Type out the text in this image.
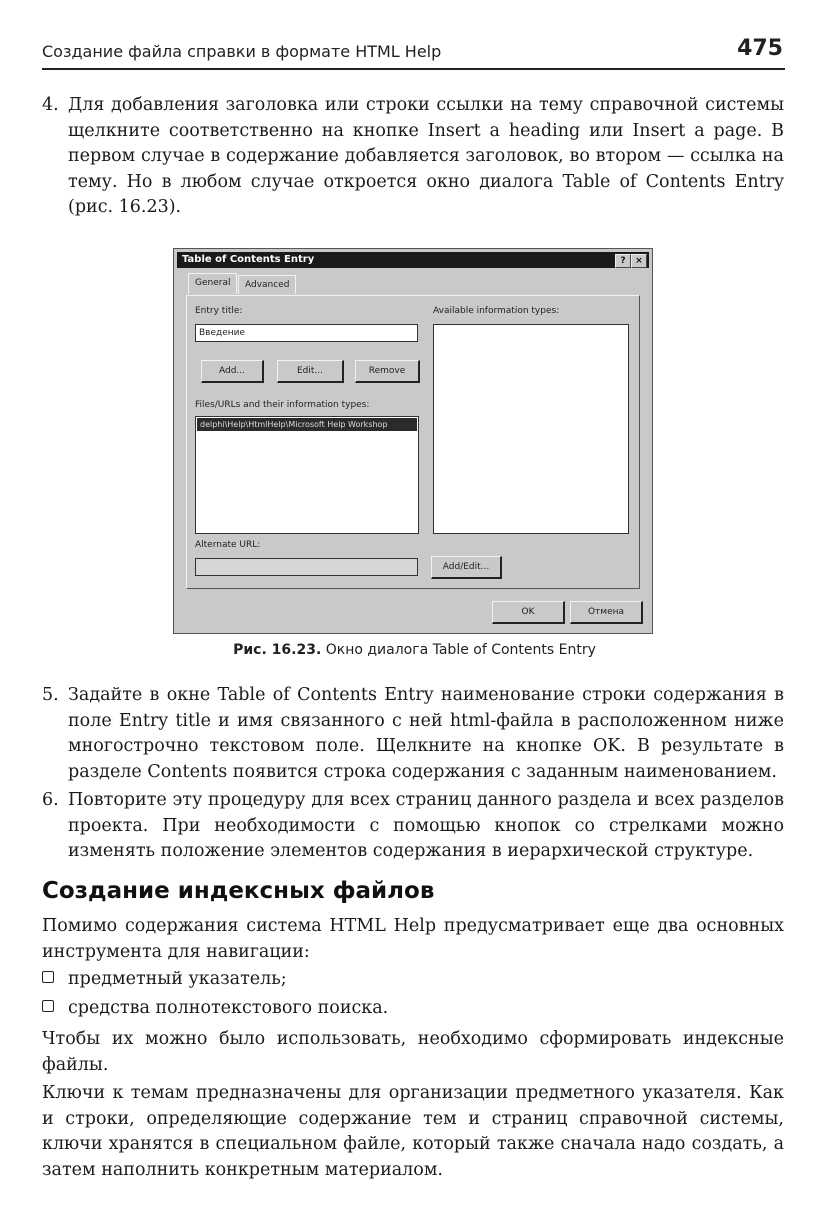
Создание файла справки в формате HTML Help	475
4. Для добавления заголовка или строки ссылки на тему справочной системы щелкните соответственно на кнопке Insert a heading или Insert a page. В первом случае в содержание добавляется заголовок, во втором — ссылка на тему. Но в любом случае откроется окно диалога Table of Contents Entry (рис. 16.23).
Table of Contents Entry	?	×
General	Advanced
Entry title:
Введение
Add...	Edit...	Remove
Files/URLs and their information types:
delphi\Help\HtmlHelp\Microsoft Help Workshop
Available information types:
Alternate URL:
Add/Edit...
OK	Отмена
Рис. 16.23. Окно диалога Table of Contents Entry
5. Задайте в окне Table of Contents Entry наименование строки содержания в поле Entry title и имя связанного с ней html-файла в расположенном ниже многострочно текстовом поле. Щелкните на кнопке OK. В результате в разделе Contents появится строка содержания с заданным наименованием.
6. Повторите эту процедуру для всех страниц данного раздела и всех разделов проекта. При необходимости с помощью кнопок со стрелками можно изменять положение элементов содержания в иерархической структуре.
Создание индексных файлов
Помимо содержания система HTML Help предусматривает еще два основных инструмента для навигации:
предметный указатель;
средства полнотекстового поиска.
Чтобы их можно было использовать, необходимо сформировать индексные файлы.
Ключи к темам предназначены для организации предметного указателя. Как и строки, определяющие содержание тем и страниц справочной системы, ключи хранятся в специальном файле, который также сначала надо создать, а затем наполнить конкретным материалом.
